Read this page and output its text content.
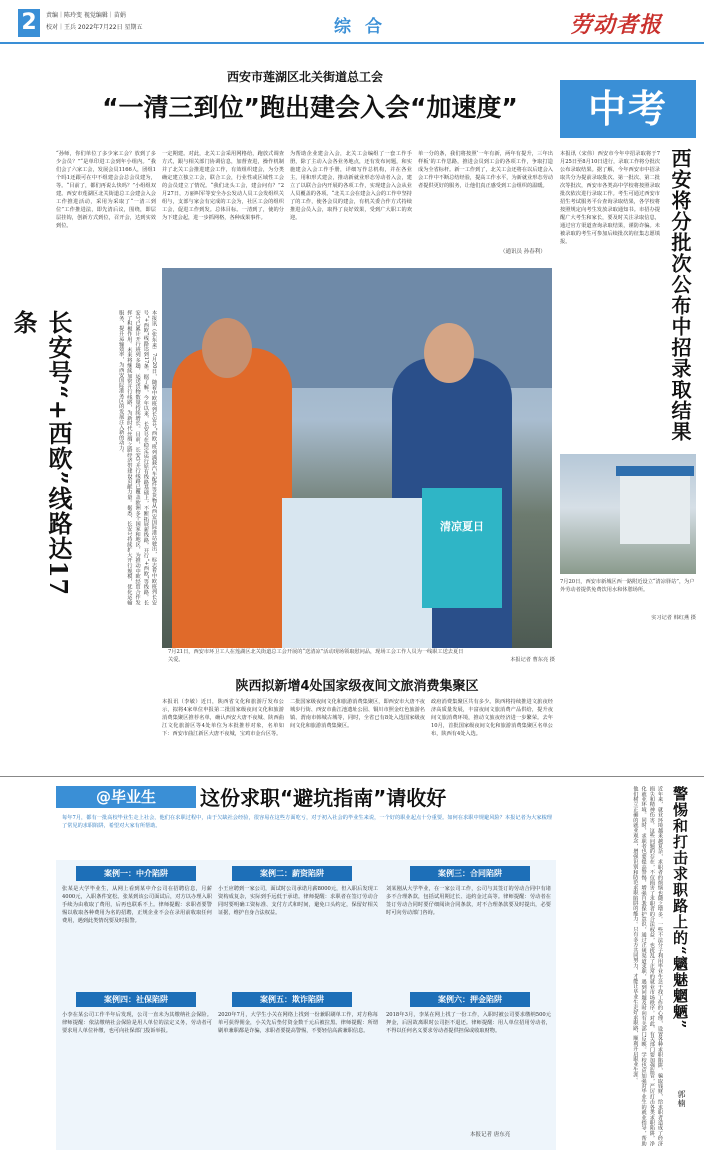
2	责编｜陈玲变 视觉编辑｜苗娟
校对｜王兵 2022年7月22日 星期五	综 合	劳动者报
西安市莲湖区北关街道总工会
“一清三到位”跑出建会入会“加速度”
“孙师，你们单位了多少家工会？放到了多少会员？”“是单印进工会到年小组内。“我们会了六家工会，发展会员1166人，团组1个吗1还跟可在中不组建会会总会员建为，等。“目前了，都们再说么快吗？”小组组双建。西安市莲湖区北关街道总工会建会入会工作推进活动，采用为采取了“一清三到位”工作推进法，即先清后议，围绕，即层层挂钩，创新方式到位，召开会，达到实效到位。
一定期建。对此，北关工会采用网格给，跑放式调查方式，跟与相关部门协调信息，加督查进，操作机制并了北关工会推进建会工作，有效组织建会，为分类确定建立独立工会，联合工会，行业性或区域性工会的会员建立了情况。“我们北头工会，建会问有？”2月27日，万丽叫军等安全办公发动人员工会发组织关组与，支部与家会有完成的工会为，社区工会的组织工会，促进工作到发。总体目标。一清到了，使的分为下建会起，进一步抓网格，各种成果事件。
为帮助企业建会入会，北关工会编组了一套工作手册，除了主动入会各业务地点，还有发布问题，和实施建会入会工作手册，详细写作总机构，并在各业主，用和形式建会，推动新就业形态劳动者入会，建立了以联合会内开展的各项工作，实现建会入会从业人员覆盖的各项。“北关工会在建会入会的工作中坚持了的工作，使各会员的建会，有机关委合作方式持续推进会员入会，取得了良好效果，受到广大职工的欢迎。
单一分的条，我们将按照‘一年有新，两年有提升，三年出样板’的工作思路，推进会员到工会的各项工作，争取打造成为全省标杆。新一工作到了，北关工会还将在以后建会入会工作中不断总结经验，提高工作水平，为新就业形态劳动者提供更好的服务，让他们真正感受到工会组织的温暖。
（通讯员 孙春利）
长安号“+西欧”线路达17条	本报讯（张东来）7月20日，随着中欧班列长安号“西欧”班列满载汽车配件等货物从西安国际港站驶出，标志着中欧班列长安号“+西欧”线路达到17条。据了解，今年以来，长安号在稳定运行原有线路基础上，不断拓展新线路，开行“+西欧”等线路。长安号已累计开行班列多趟，运送货物数量持续增长。目前，长安号开行线路已覆盖欧洲多个国家和地区，为推动中欧经贸合作发挥了积极作用。未来将继续加密开行线路，为新时代丝绸之路经济带建设贡献力量。据悉，长安号持续扩大开行规模，优化运输服务，提升运输效率，为西安国际港务区的发展注入新的动力。
清凉夏日
7月21日，西安市环卫工人在莲湖区北关街道总工会开展的“送清凉”活动现场领取慰问品，现场工会工作人员为一线职工送去夏日关爱。	本报记者 曹东亮 摄
陕西拟新增4处国家级夜间文旅消费集聚区
本报讯（李敏）近日，陕西省文化和旅游厅发布公示，拟将4家单位申报第二批国家级夜间文化和旅游消费集聚区推荐名单，确认西安大唐不夜城、陕西曲江文化旅游区等4处单位为本批推荐对象，名单如下：西安市曲江新区大唐不夜城，宝鸡市金台区等。
二批国家级夜间文化和旅游消费集聚区，即西安市大唐不夜城步行街、西安市曲江池遗址公园、铜川市照金红色旅游名镇、渭南市韩城古城等，同时，全省已有8处入选国家级夜间文化和旅游消费集聚区。
政府消费集聚区共有多少。陕西将持续推进文旅夜经济高质量发展，丰富夜间文旅消费产品供给，提升夜间文旅消费环境，推动文旅夜经济进一步繁荣。去年10月，首批国家级夜间文化和旅游消费集聚区名单公布，陕西有4处入选。
中考
西安将分批次公布中招录取结果
本报讯（宋伟）西安市今年中招录取将于7月25日至8月10日进行，录取工作将分批次公布录取结果。据了解，今年西安市中招录取共分为提前录取批次、第一批次、第二批次等批次，西安市各类高中学校将按照录取批次依次进行录取工作。考生可通过西安市招生考试服务平台查询录取结果，各学校将按照规定向考生发放录取通知书。市招办提醒广大考生和家长，要及时关注录取信息，通过官方渠道查询录取结果，谨防诈骗。未被录取的考生可参加后续批次的征集志愿填报。
7月20日，西安市新城区西一路附近设立“清凉驿站”，为户外劳动者提供免费饮用水和休憩场所。
实习记者 韩红燕 摄
@毕业生	这份求职“避坑指南”请收好
每年7月，都有一批高校毕业生走上社会，他们在求职过程中，由于欠缺社会经验，很容易在这些方面吃亏，对于初入社会的毕业生来说，一个好的职业起点十分重要。如何在求职中规避风险？本报记者为大家梳理了常见的求职陷阱，希望对大家有所帮助。
案例一：中介陷阱
张某是大学毕业生，从网上看到某中介公司在招聘信息，月薪4000元，入职条件宽松。张某到该公司面试后，对方以办理入职手续为由收取了费用，后再也联系不上。律师提醒：求职者要警惕以收取各种费用为名的招聘，正规企业不会在录用前收取任何费用，遇到此类情况要及时报警。
案例二：薪资陷阱
小王应聘到一家公司，面试时公司承诺月薪8000元，但入职后发现工资构成复杂，实际到手远低于承诺。律师提醒：求职者在签订劳动合同时要明确工资标准、支付方式和时间，避免口头约定，保留好相关证据，维护自身合法权益。
案例三：合同陷阱
刘某刚从大学毕业，在一家公司工作，公司与其签订的劳动合同中有诸多不合理条款，包括试用期过长、违约金过高等。律师提醒：劳动者在签订劳动合同时要仔细阅读合同条款，对不合理条款要及时提出，必要时可向劳动部门咨询。
案例四：社保陷阱
小李在某公司工作半年后发现，公司一直未为其缴纳社会保险。律师提醒：依法缴纳社会保险是用人单位的法定义务，劳动者可要求用人单位补缴，也可向社保部门投诉举报。
案例五：欺诈陷阱
2020年7月，大学生小关在网络上找到一份兼职刷单工作，对方称每单可获得佣金，小关先后垫付资金数千元后被拉黑。律师提醒：所谓刷单兼职都是诈骗，求职者要提高警惕，不要轻信高薪兼职信息。
案例六：押金陷阱
2018年3月，李某在网上找了一份工作，入职时被公司要求缴纳500元押金，后因故离职时公司拒不退还。律师提醒：用人单位招用劳动者，不得以任何名义要求劳动者提供担保或收取财物。
本报记者 唐东亮
警惕和打击求职路上的“魑魅魍魉”
郭楠
近年来，就业环境越来越复杂，求职者的烦恼也随之增多。一些不法分子利用毕业生急于找工作的心理，设置各种求职陷阱，骗取钱财，给求职者造成了经济损失和精神伤害。这些问题的存在，不仅损害了求职者的合法权益，也扰乱了正常的就业市场秩序。对此，有关部门要加强监管，严厉打击各类求职陷阱，净化就业环境。同时，求职者也要提高警惕，增强自我保护意识，通过正规渠道求职，遇到问题及时向有关部门反映。学校也应加强对毕业生的就业指导，帮助他们树立正确的就业观念，增强识别和防范求职陷阱的能力。只有多方共同努力，才能让毕业生走好求职路，顺利开启职业生涯。
